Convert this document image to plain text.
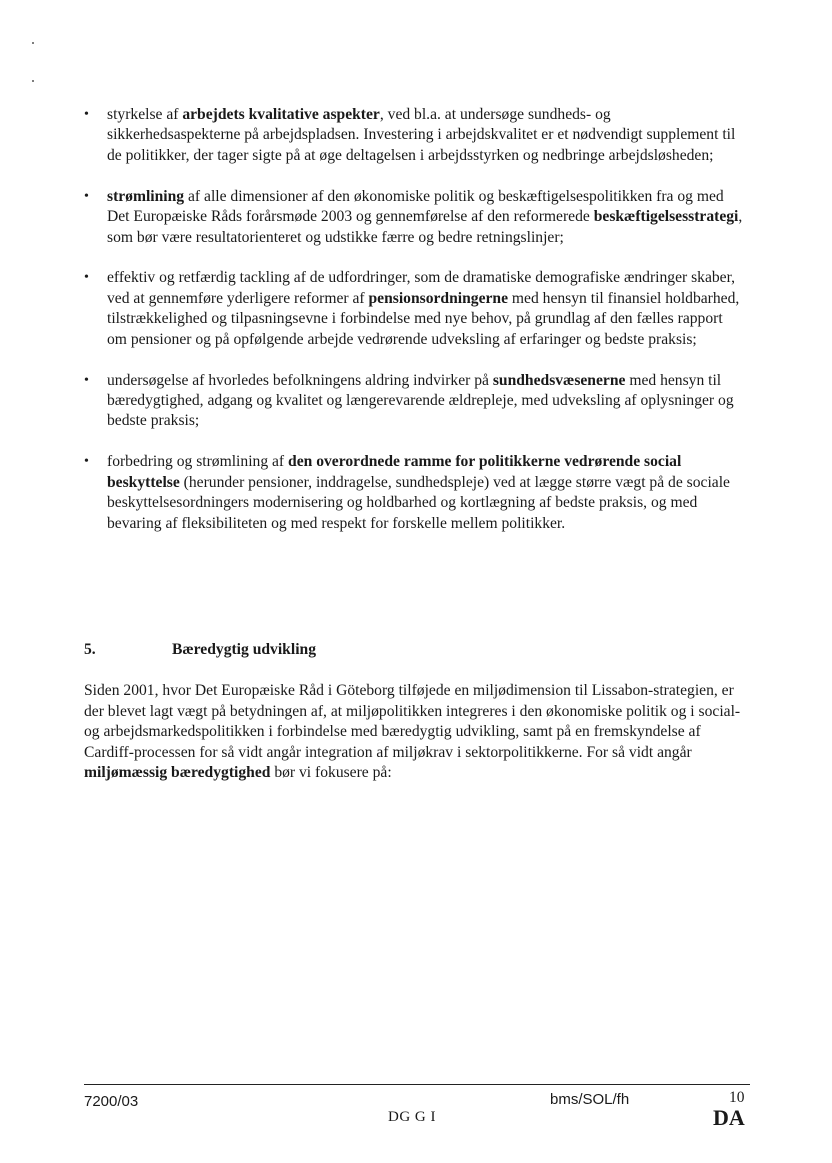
• styrkelse af arbejdets kvalitative aspekter, ved bl.a. at undersøge sundheds- og sikkerhedsaspekterne på arbejdspladsen. Investering i arbejdskvalitet er et nødvendigt supplement til de politikker, der tager sigte på at øge deltagelsen i arbejdsstyrken og nedbringe arbejdsløsheden;
• strømlining af alle dimensioner af den økonomiske politik og beskæftigelsespolitikken fra og med Det Europæiske Råds forårsmøde 2003 og gennemførelse af den reformerede beskæftigelsesstrategi, som bør være resultatorienteret og udstikke færre og bedre retningslinjer;
• effektiv og retfærdig tackling af de udfordringer, som de dramatiske demografiske ændringer skaber, ved at gennemføre yderligere reformer af pensionsordningerne med hensyn til finansiel holdbarhed, tilstrækkelighed og tilpasningsevne i forbindelse med nye behov, på grundlag af den fælles rapport om pensioner og på opfølgende arbejde vedrørende udveksling af erfaringer og bedste praksis;
• undersøgelse af hvorledes befolkningens aldring indvirker på sundhedsvæsenerne med hensyn til bæredygtighed, adgang og kvalitet og længerevarende ældrepleje, med udveksling af oplysninger og bedste praksis;
• forbedring og strømlining af den overordnede ramme for politikkerne vedrørende social beskyttelse (herunder pensioner, inddragelse, sundhedspleje) ved at lægge større vægt på de sociale beskyttelsesordningers modernisering og holdbarhed og kortlægning af bedste praksis, og med bevaring af fleksibiliteten og med respekt for forskelle mellem politikker.
5.	Bæredygtig udvikling

Siden 2001, hvor Det Europæiske Råd i Göteborg tilføjede en miljødimension til Lissabon-strategien, er der blevet lagt vægt på betydningen af, at miljøpolitikken integreres i den økonomiske politik og i social- og arbejdsmarkedspolitikken i forbindelse med bæredygtig udvikling, samt på en fremskyndelse af Cardiff-processen for så vidt angår integration af miljøkrav i sektorpolitikkerne. For så vidt angår miljømæssig bæredygtighed bør vi fokusere på:

7200/03	bms/SOL/fh	10
DG G I	DA
